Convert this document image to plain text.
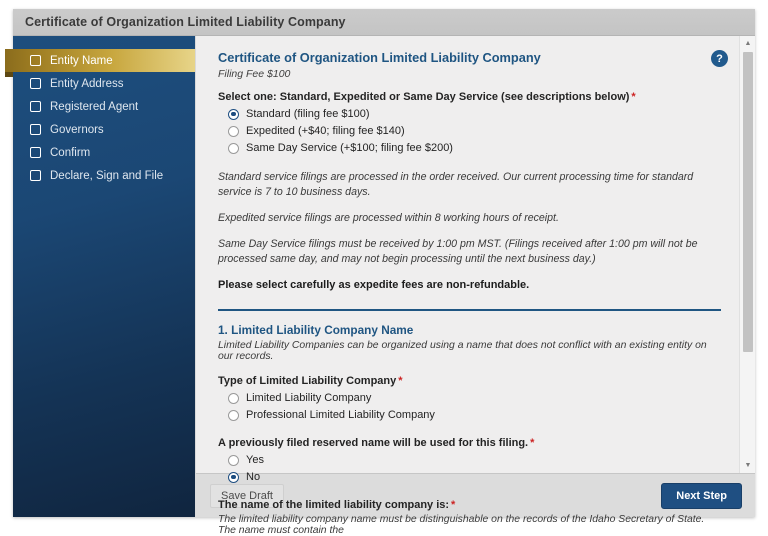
Certificate of Organization Limited Liability Company
Entity Name
Entity Address
Registered Agent
Governors
Confirm
Declare, Sign and File
?
Certificate of Organization Limited Liability Company
Filing Fee $100
Select one: Standard, Expedited or Same Day Service (see descriptions below) *
Standard (filing fee $100)
Expedited (+$40; filing fee $140)
Same Day Service (+$100; filing fee $200)

Standard service filings are processed in the order received. Our current processing time for standard service is 7 to 10 business days.

Expedited service filings are processed within 8 working hours of receipt.

Same Day Service filings must be received by 1:00 pm MST. (Filings received after 1:00 pm will not be processed same day, and may not begin processing until the next business day.)

Please select carefully as expedite fees are non-refundable.

1. Limited Liability Company Name
Limited Liability Companies can be organized using a name that does not conflict with an existing entity on our records.
Type of Limited Liability Company *
Limited Liability Company
Professional Limited Liability Company
A previously filed reserved name will be used for this filing. *
Yes
No
The name of the limited liability company is: *
The limited liability company name must be distinguishable on the records of the Idaho Secretary of State. The name must contain the
▲
▼
Save Draft	Next Step
